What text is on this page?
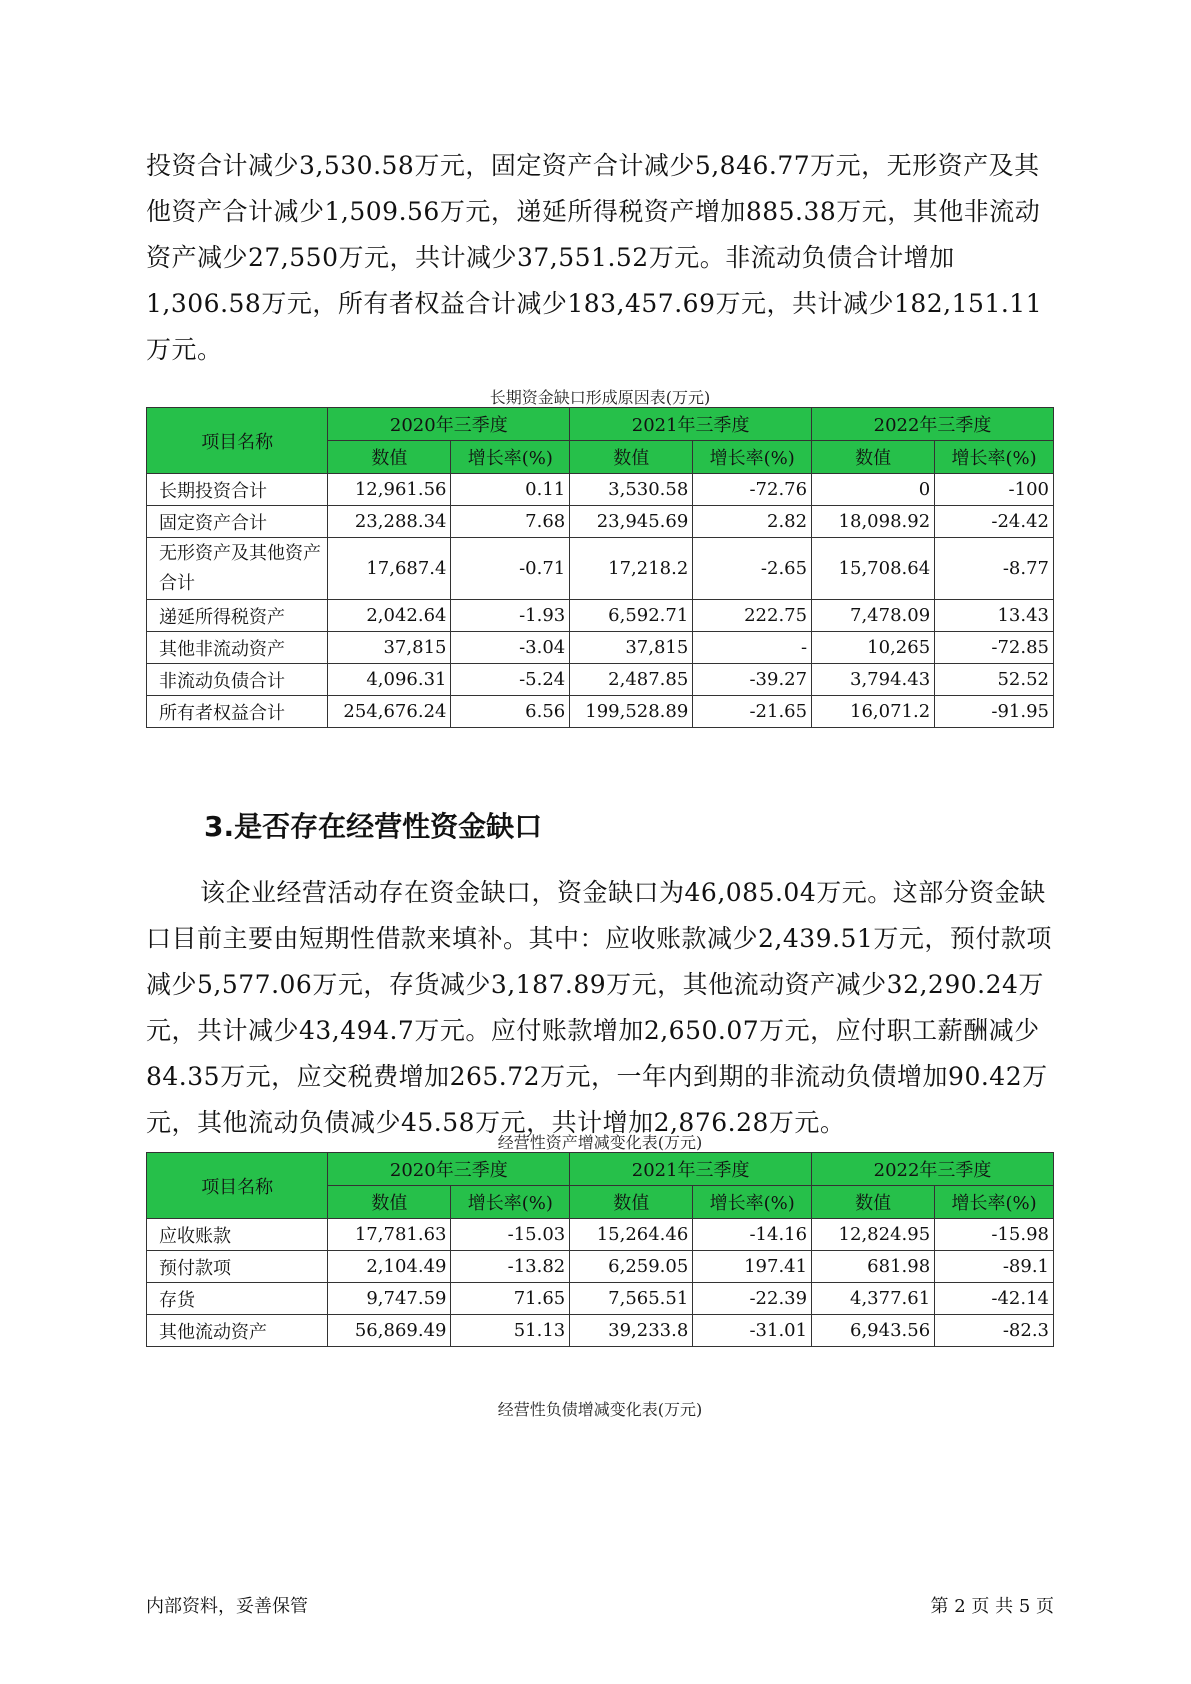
投资合计减少3,530.58万元，固定资产合计减少5,846.77万元，无形资产及其他资产合计减少1,509.56万元，递延所得税资产增加885.38万元，其他非流动资产减少27,550万元，共计减少37,551.52万元。非流动负债合计增加1,306.58万元，所有者权益合计减少183,457.69万元，共计减少182,151.11万元。

长期资金缺口形成原因表(万元)
项目名称	2020年三季度		2021年三季度		2022年三季度	
	数值	增长率(%)	数值	增长率(%)	数值	增长率(%)
长期投资合计	12,961.56	0.11	3,530.58	-72.76	0	-100
固定资产合计	23,288.34	7.68	23,945.69	2.82	18,098.92	-24.42
无形资产及其他资产合计	17,687.4	-0.71	17,218.2	-2.65	15,708.64	-8.77
递延所得税资产	2,042.64	-1.93	6,592.71	222.75	7,478.09	13.43
其他非流动资产	37,815	-3.04	37,815	-	10,265	-72.85
非流动负债合计	4,096.31	-5.24	2,487.85	-39.27	3,794.43	52.52
所有者权益合计	254,676.24	6.56	199,528.89	-21.65	16,071.2	-91.95
3.是否存在经营性资金缺口

该企业经营活动存在资金缺口，资金缺口为46,085.04万元。这部分资金缺口目前主要由短期性借款来填补。其中：应收账款减少2,439.51万元，预付款项减少5,577.06万元，存货减少3,187.89万元，其他流动资产减少32,290.24万元，共计减少43,494.7万元。应付账款增加2,650.07万元，应付职工薪酬减少84.35万元，应交税费增加265.72万元，一年内到期的非流动负债增加90.42万元，其他流动负债减少45.58万元，共计增加2,876.28万元。

经营性资产增减变化表(万元)
项目名称	2020年三季度		2021年三季度		2022年三季度	
	数值	增长率(%)	数值	增长率(%)	数值	增长率(%)
应收账款	17,781.63	-15.03	15,264.46	-14.16	12,824.95	-15.98
预付款项	2,104.49	-13.82	6,259.05	197.41	681.98	-89.1
存货	9,747.59	71.65	7,565.51	-22.39	4,377.61	-42.14
其他流动资产	56,869.49	51.13	39,233.8	-31.01	6,943.56	-82.3
经营性负债增减变化表(万元)
内部资料，妥善保管	第 2 页 共 5 页
